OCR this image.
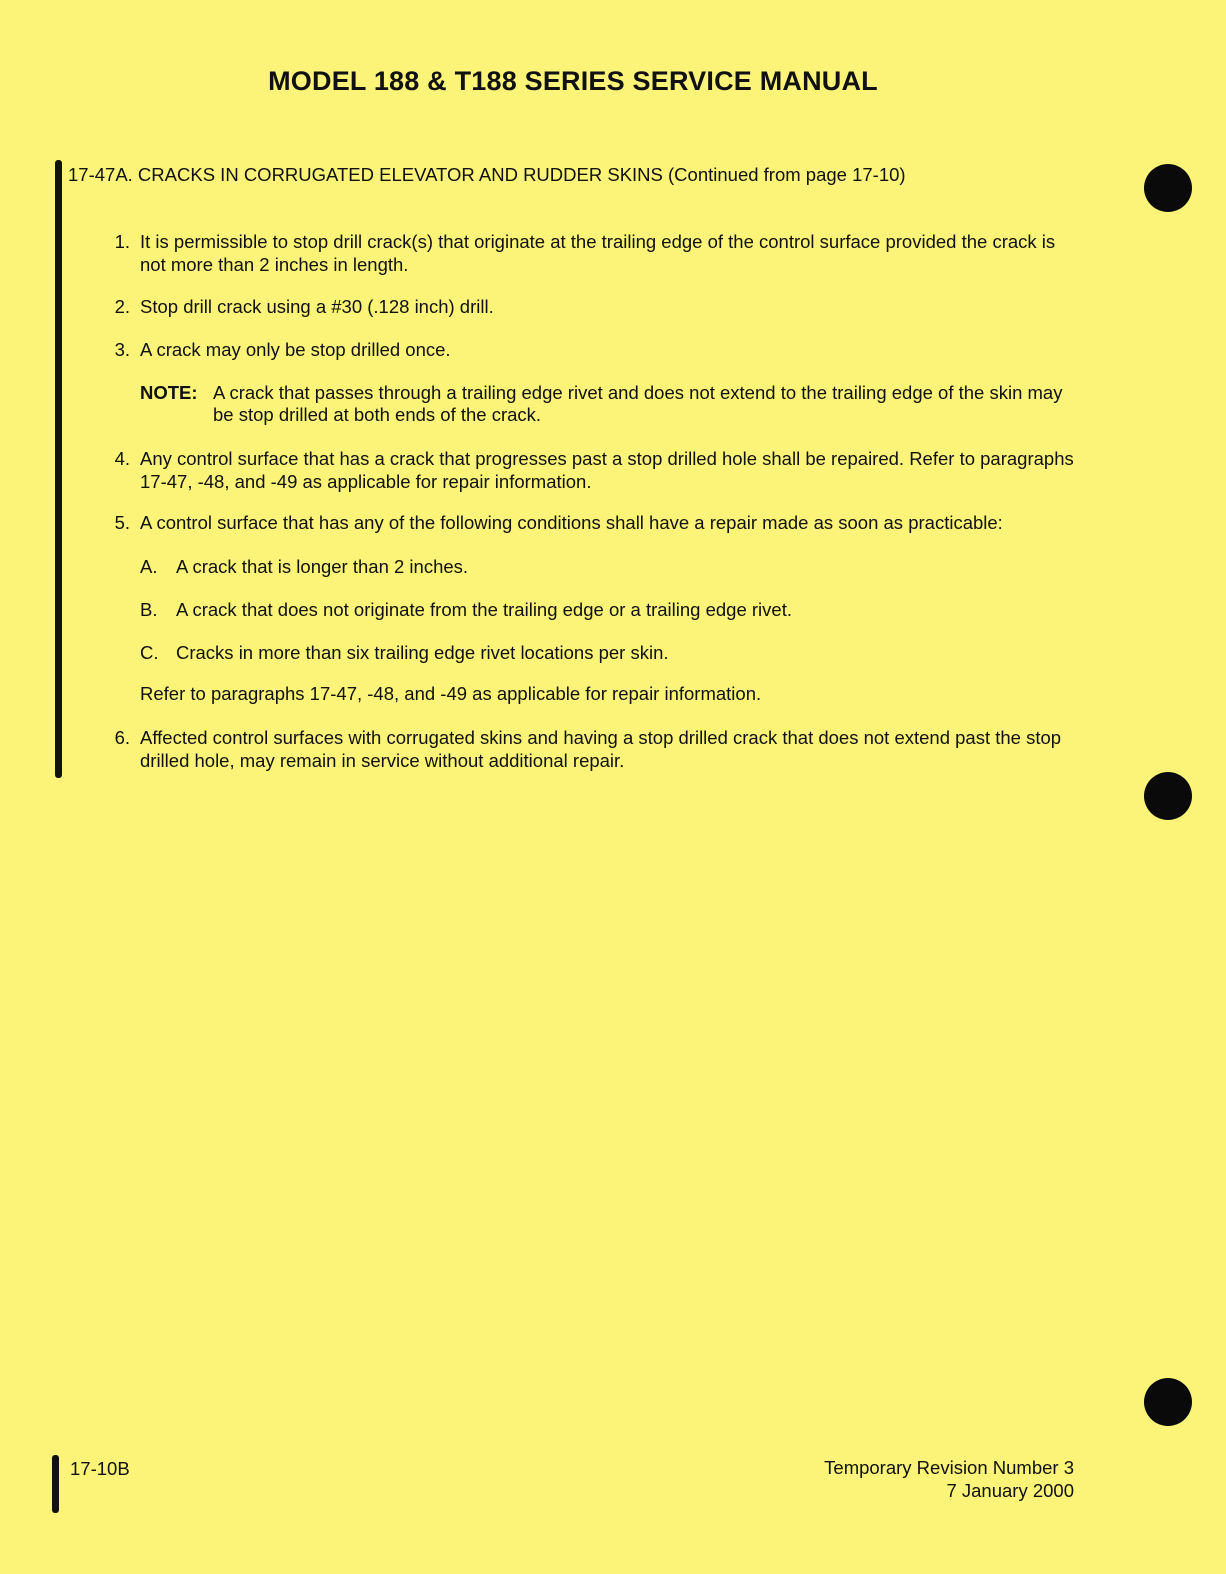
MODEL 188 & T188 SERIES SERVICE MANUAL
17-47A. CRACKS IN CORRUGATED ELEVATOR AND RUDDER SKINS (Continued from page 17-10)
1. It is permissible to stop drill crack(s) that originate at the trailing edge of the control surface provided the crack is not more than 2 inches in length.
2. Stop drill crack using a #30 (.128 inch) drill.
3. A crack may only be stop drilled once.
NOTE: A crack that passes through a trailing edge rivet and does not extend to the trailing edge of the skin may be stop drilled at both ends of the crack.
4. Any control surface that has a crack that progresses past a stop drilled hole shall be repaired. Refer to paragraphs 17-47, -48, and -49 as applicable for repair information.
5. A control surface that has any of the following conditions shall have a repair made as soon as practicable:
A. A crack that is longer than 2 inches.
B. A crack that does not originate from the trailing edge or a trailing edge rivet.
C. Cracks in more than six trailing edge rivet locations per skin.
Refer to paragraphs 17-47, -48, and -49 as applicable for repair information.
6. Affected control surfaces with corrugated skins and having a stop drilled crack that does not extend past the stop drilled hole, may remain in service without additional repair.
17-10B	Temporary Revision Number 3
7 January 2000
